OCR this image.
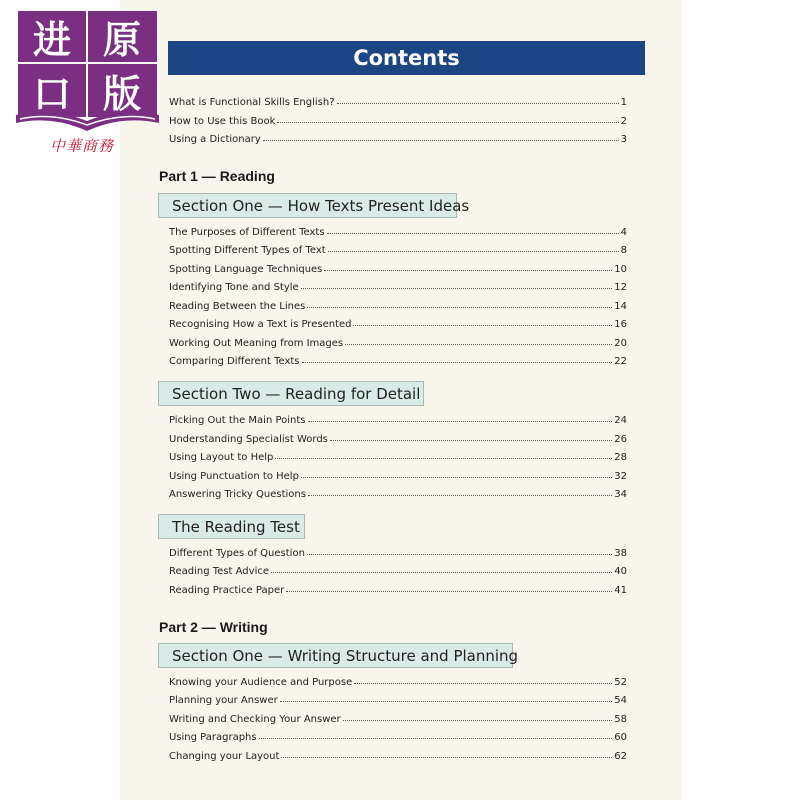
进 原
口 版
中華商務
Contents
What is Functional Skills English?	1
How to Use this Book	2
Using a Dictionary	3
Part 1 — Reading
Section One — How Texts Present Ideas
The Purposes of Different Texts	4
Spotting Different Types of Text	8
Spotting Language Techniques	10
Identifying Tone and Style	12
Reading Between the Lines	14
Recognising How a Text is Presented	16
Working Out Meaning from Images	20
Comparing Different Texts	22
Section Two — Reading for Detail
Picking Out the Main Points	24
Understanding Specialist Words	26
Using Layout to Help	28
Using Punctuation to Help	32
Answering Tricky Questions	34
The Reading Test
Different Types of Question	38
Reading Test Advice	40
Reading Practice Paper	41
Part 2 — Writing
Section One — Writing Structure and Planning
Knowing your Audience and Purpose	52
Planning your Answer	54
Writing and Checking Your Answer	58
Using Paragraphs	60
Changing your Layout	62
